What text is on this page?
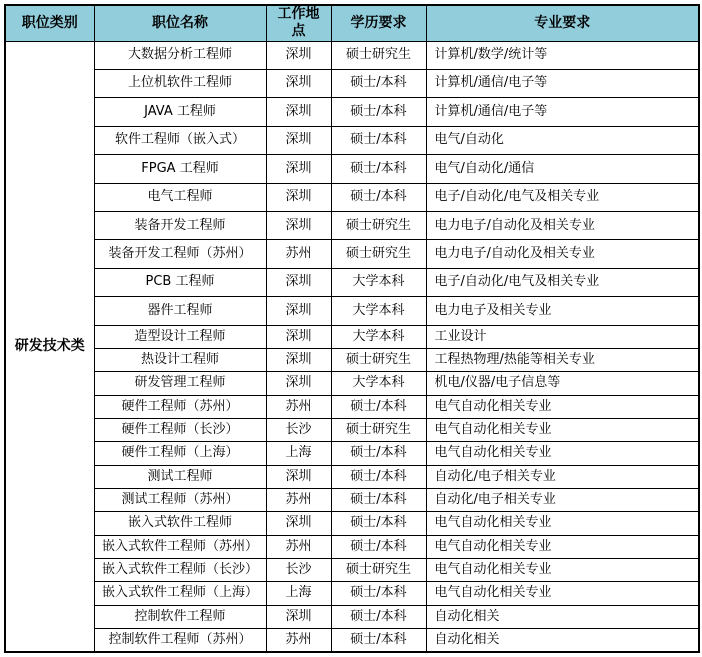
职位类别	职位名称	工作地点	学历要求	专业要求
研发技术类	大数据分析工程师	深圳	硕士研究生	计算机/数学/统计等
	上位机软件工程师	深圳	硕士/本科	计算机/通信/电子等
	JAVA 工程师	深圳	硕士/本科	计算机/通信/电子等
	软件工程师（嵌入式）	深圳	硕士/本科	电气/自动化
	FPGA 工程师	深圳	硕士/本科	电气/自动化/通信
	电气工程师	深圳	硕士/本科	电子/自动化/电气及相关专业
	装备开发工程师	深圳	硕士研究生	电力电子/自动化及相关专业
	装备开发工程师（苏州）	苏州	硕士研究生	电力电子/自动化及相关专业
	PCB 工程师	深圳	大学本科	电子/自动化/电气及相关专业
	器件工程师	深圳	大学本科	电力电子及相关专业
	造型设计工程师	深圳	大学本科	工业设计
	热设计工程师	深圳	硕士研究生	工程热物理/热能等相关专业
	研发管理工程师	深圳	大学本科	机电/仪器/电子信息等
	硬件工程师（苏州）	苏州	硕士/本科	电气自动化相关专业
	硬件工程师（长沙）	长沙	硕士研究生	电气自动化相关专业
	硬件工程师（上海）	上海	硕士/本科	电气自动化相关专业
	测试工程师	深圳	硕士/本科	自动化/电子相关专业
	测试工程师（苏州）	苏州	硕士/本科	自动化/电子相关专业
	嵌入式软件工程师	深圳	硕士/本科	电气自动化相关专业
	嵌入式软件工程师（苏州）	苏州	硕士/本科	电气自动化相关专业
	嵌入式软件工程师（长沙）	长沙	硕士研究生	电气自动化相关专业
	嵌入式软件工程师（上海）	上海	硕士/本科	电气自动化相关专业
	控制软件工程师	深圳	硕士/本科	自动化相关
	控制软件工程师（苏州）	苏州	硕士/本科	自动化相关
